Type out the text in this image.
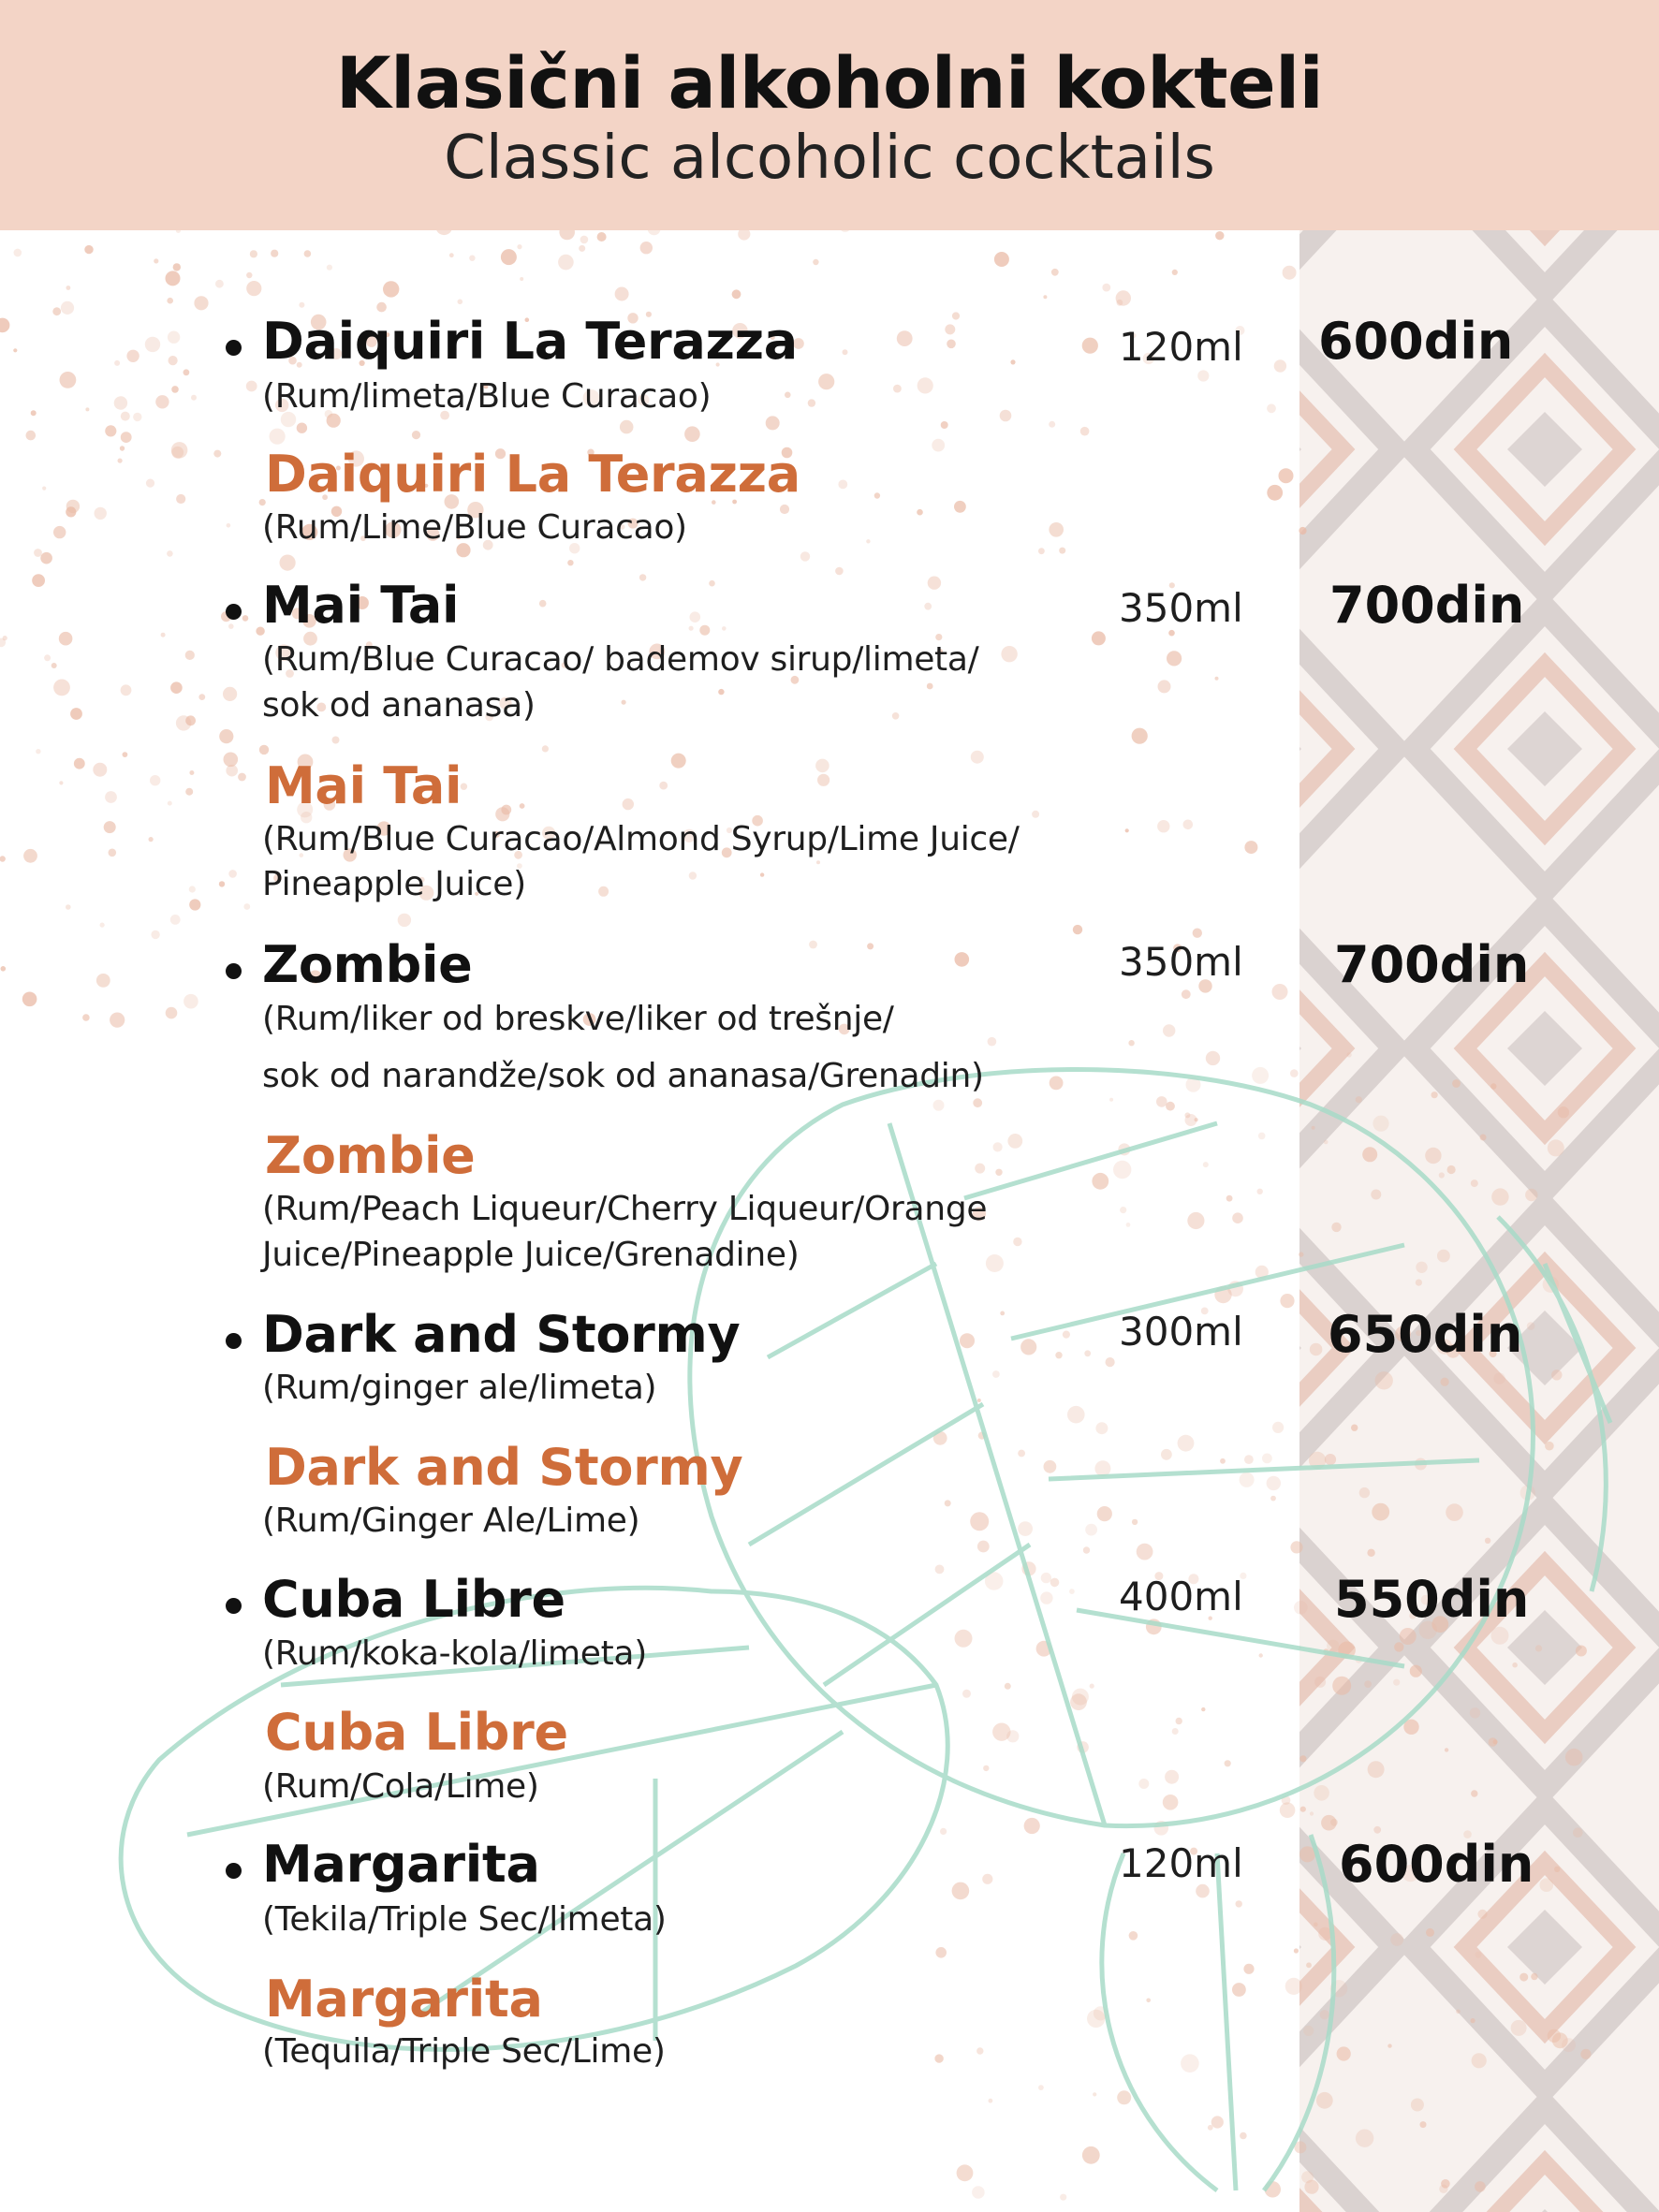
Klasični alkoholni kokteli
Classic alcoholic cocktails
Daiquiri La Terazza
(Rum/limeta/Blue Curacao)
Daiquiri La Terazza
(Rum/Lime/Blue Curacao)
120ml 600din
Mai Tai
(Rum/Blue Curacao/ bademov sirup/limeta/
sok od ananasa)
Mai Tai
(Rum/Blue Curacao/Almond Syrup/Lime Juice/
Pineapple Juice)
350ml 700din
Zombie
(Rum/liker od breskve/liker od trešnje/
sok od narandže/sok od ananasa/Grenadin)
Zombie
(Rum/Peach Liqueur/Cherry Liqueur/Orange
Juice/Pineapple Juice/Grenadine)
350ml 700din
Dark and Stormy
(Rum/ginger ale/limeta)
Dark and Stormy
(Rum/Ginger Ale/Lime)
300ml 650din
Cuba Libre
(Rum/koka-kola/limeta)
Cuba Libre
(Rum/Cola/Lime)
400ml 550din
Margarita
(Tekila/Triple Sec/limeta)
Margarita
(Tequila/Triple Sec/Lime)
120ml 600din
